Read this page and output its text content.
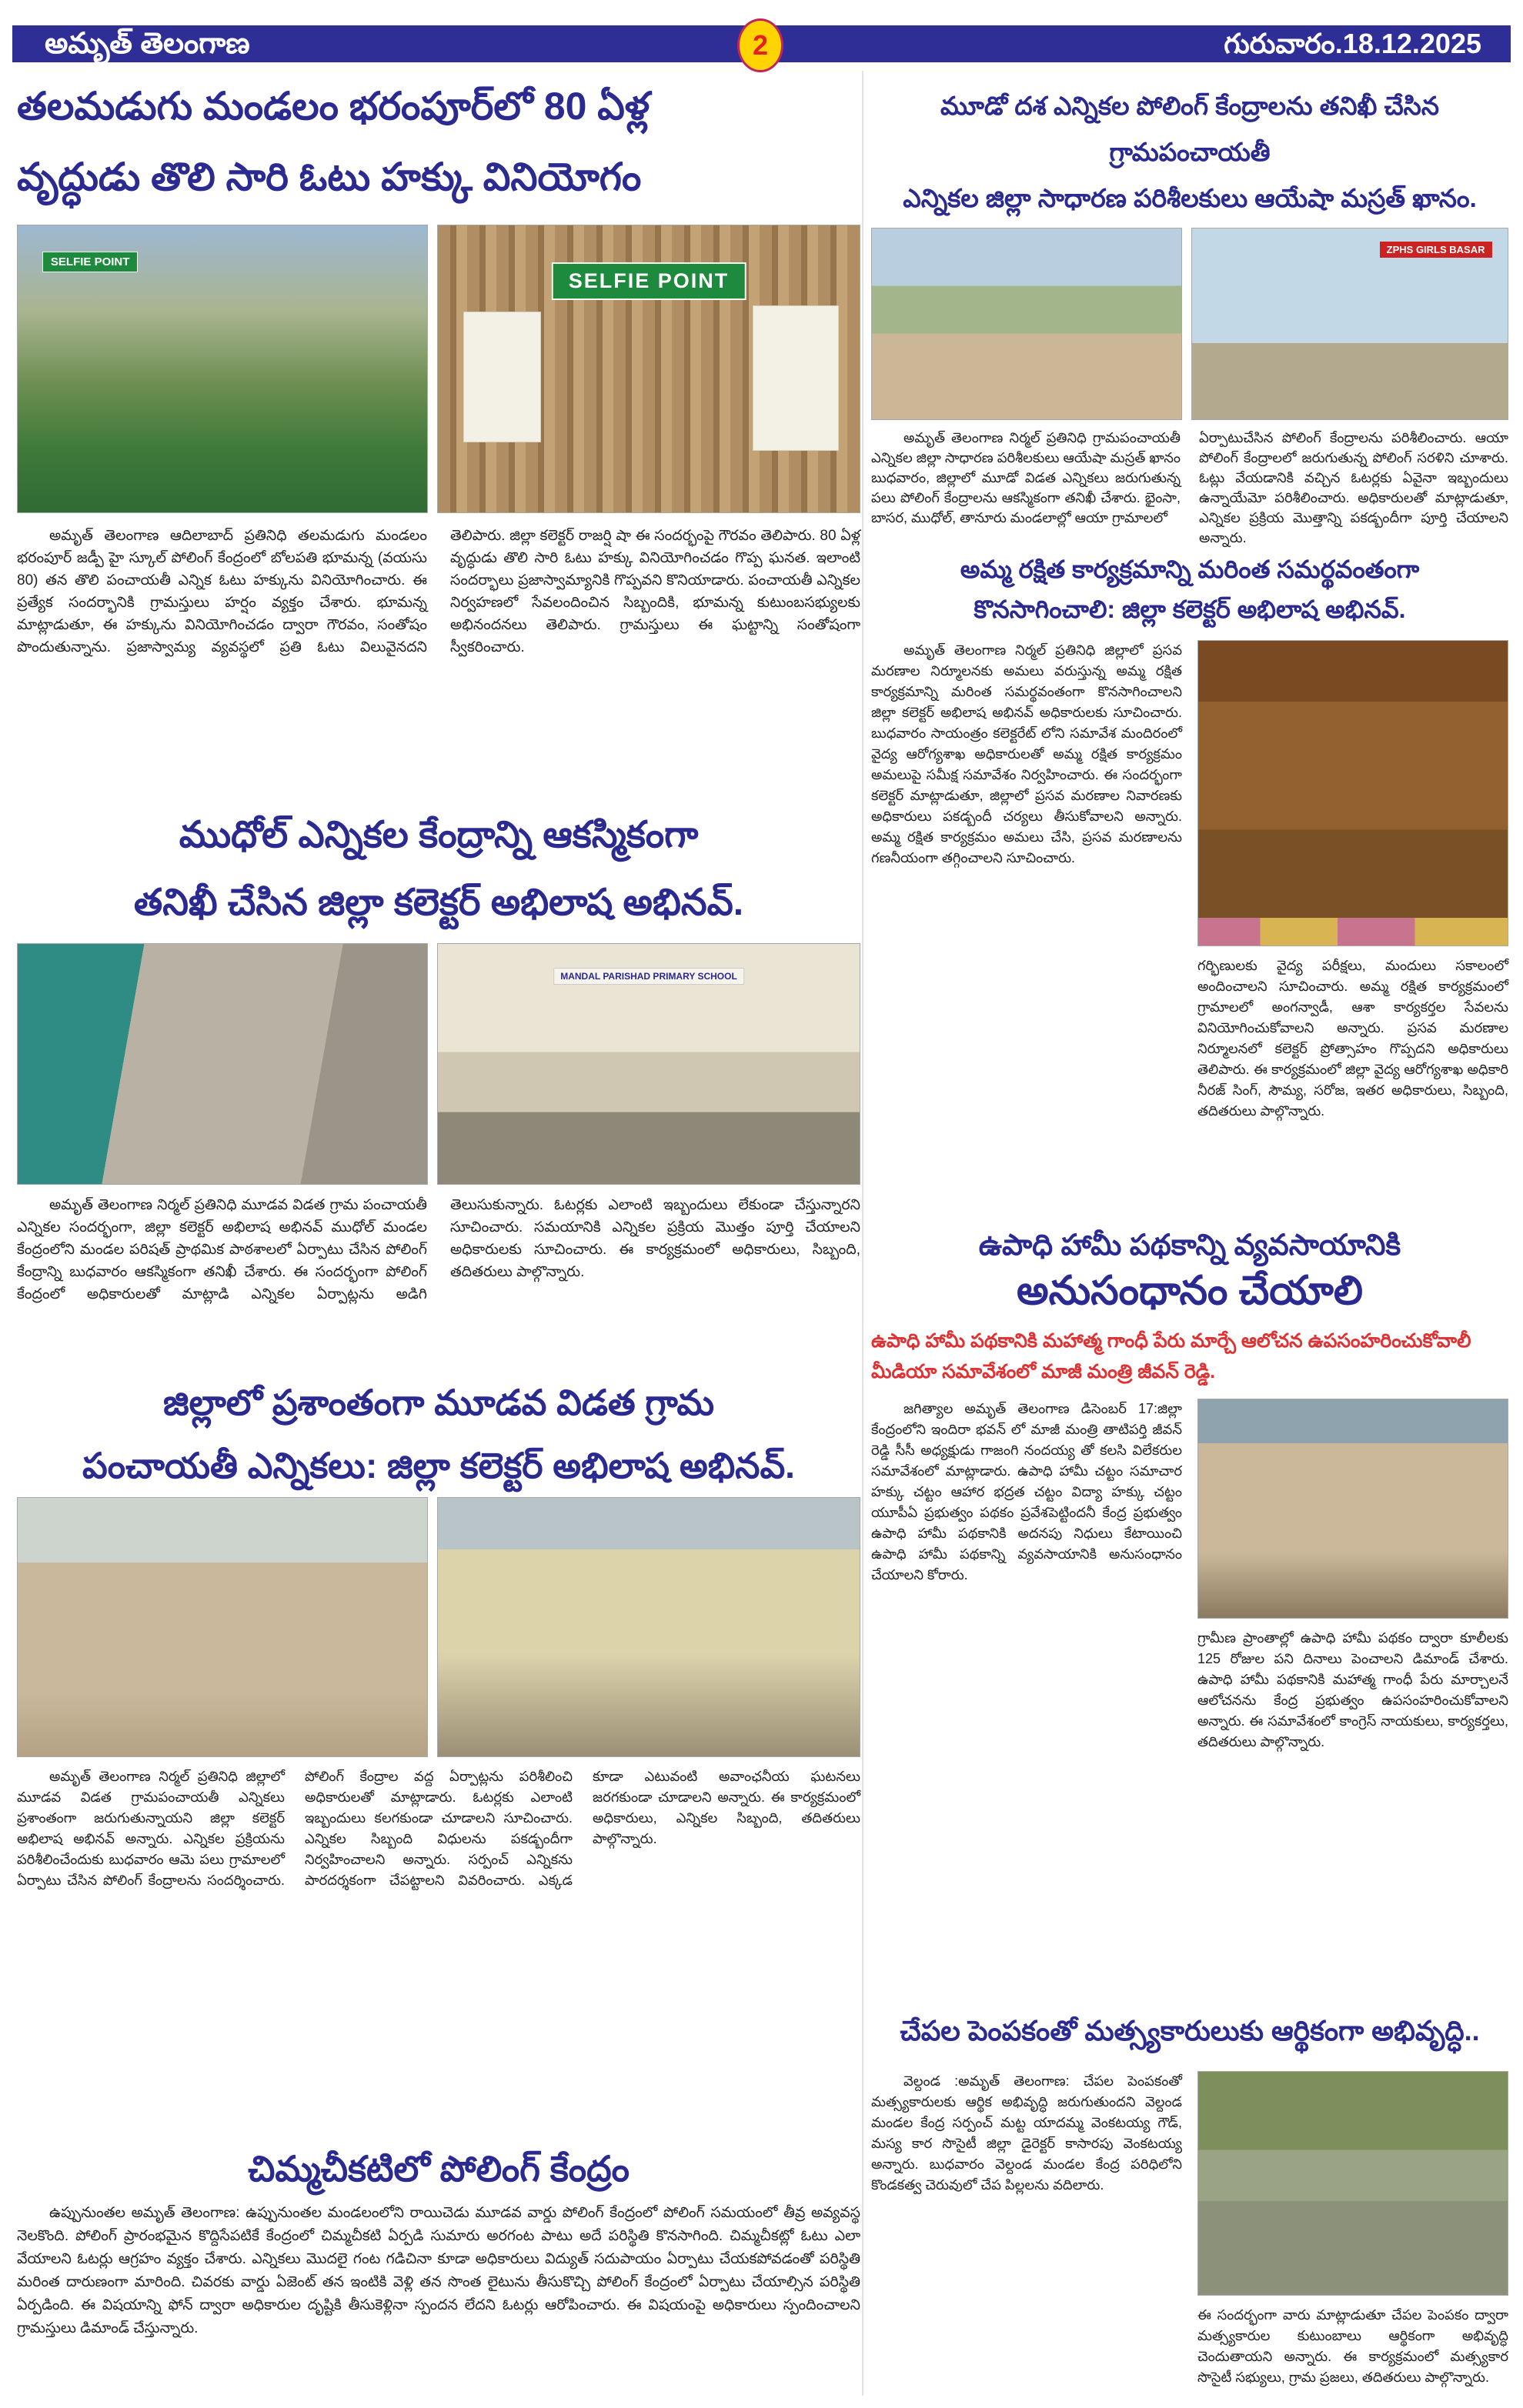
అమృత్ తెలంగాణ	2	గురువారం.18.12.2025
తలమడుగు మండలం భరంపూర్‌లో 80 ఏళ్ల
వృద్ధుడు తొలి సారి ఓటు హక్కు వినియోగం
SELFIE POINT
SELFIE POINT
అమృత్ తెలంగాణ ఆదిలాబాద్ ప్రతినిధి తలమడుగు మండలం భరంపూర్ జడ్పీ హై స్కూల్ పోలింగ్ కేంద్రంలో బోలపతి భూమన్న (వయసు 80) తన తొలి పంచాయతీ ఎన్నిక ఓటు హక్కును వినియోగించారు. ఈ ప్రత్యేక సందర్భానికి గ్రామస్తులు హర్షం వ్యక్తం చేశారు. భూమన్న మాట్లాడుతూ, ఈ హక్కును వినియోగించడం ద్వారా గౌరవం, సంతోషం పొందుతున్నాను. ప్రజాస్వామ్య వ్యవస్థలో ప్రతి ఓటు విలువైనదని తెలిపారు. జిల్లా కలెక్టర్ రాజర్షి షా ఈ సందర్భంపై గౌరవం తెలిపారు. 80 ఏళ్ల వృద్ధుడు తొలి సారి ఓటు హక్కు వినియోగించడం గొప్ప ఘనత. ఇలాంటి సందర్భాలు ప్రజాస్వామ్యానికి గొప్పవని కొనియాడారు. పంచాయతీ ఎన్నికల నిర్వహణలో సేవలందించిన సిబ్బందికి, భూమన్న కుటుంబసభ్యులకు అభినందనలు తెలిపారు. గ్రామస్తులు ఈ ఘట్టాన్ని సంతోషంగా స్వీకరించారు.
ముధోల్ ఎన్నికల కేంద్రాన్ని ఆకస్మికంగా
తనిఖీ చేసిన జిల్లా కలెక్టర్ అభిలాష అభినవ్.
MANDAL PARISHAD PRIMARY SCHOOL
అమృత్ తెలంగాణ నిర్మల్ ప్రతినిధి మూడవ విడత గ్రామ పంచాయతీ ఎన్నికల సందర్భంగా, జిల్లా కలెక్టర్ అభిలాష అభినవ్ ముధోల్ మండల కేంద్రంలోని మండల పరిషత్ ప్రాథమిక పాఠశాలలో ఏర్పాటు చేసిన పోలింగ్ కేంద్రాన్ని బుధవారం ఆకస్మికంగా తనిఖీ చేశారు. ఈ సందర్భంగా పోలింగ్ కేంద్రంలో అధికారులతో మాట్లాడి ఎన్నికల ఏర్పాట్లను అడిగి తెలుసుకున్నారు. ఓటర్లకు ఎలాంటి ఇబ్బందులు లేకుండా చేస్తున్నారని సూచించారు. సమయానికి ఎన్నికల ప్రక్రియ మొత్తం పూర్తి చేయాలని అధికారులకు సూచించారు. ఈ కార్యక్రమంలో అధికారులు, సిబ్బంది, తదితరులు పాల్గొన్నారు.
జిల్లాలో ప్రశాంతంగా మూడవ విడత గ్రామ
పంచాయతీ ఎన్నికలు: జిల్లా కలెక్టర్ అభిలాష అభినవ్.
అమృత్ తెలంగాణ నిర్మల్ ప్రతినిధి జిల్లాలో మూడవ విడత గ్రామపంచాయతీ ఎన్నికలు ప్రశాంతంగా జరుగుతున్నాయని జిల్లా కలెక్టర్ అభిలాష అభినవ్ అన్నారు. ఎన్నికల ప్రక్రియను పరిశీలించేందుకు బుధవారం ఆమె పలు గ్రామాలలో ఏర్పాటు చేసిన పోలింగ్ కేంద్రాలను సందర్శించారు. పోలింగ్ కేంద్రాల వద్ద ఏర్పాట్లను పరిశీలించి అధికారులతో మాట్లాడారు. ఓటర్లకు ఎలాంటి ఇబ్బందులు కలగకుండా చూడాలని సూచించారు. ఎన్నికల సిబ్బంది విధులను పకడ్బందీగా నిర్వహించాలని అన్నారు. సర్పంచ్ ఎన్నికను పారదర్శకంగా చేపట్టాలని వివరించారు. ఎక్కడ కూడా ఎటువంటి అవాంఛనీయ ఘటనలు జరగకుండా చూడాలని అన్నారు. ఈ కార్యక్రమంలో అధికారులు, ఎన్నికల సిబ్బంది, తదితరులు పాల్గొన్నారు.
చిమ్మచీకటిలో పోలింగ్ కేంద్రం
ఉప్పునుంతల అమృత్ తెలంగాణ: ఉప్పునుంతల మండలంలోని రాయిచెడు మూడవ వార్డు పోలింగ్ కేంద్రంలో పోలింగ్ సమయంలో తీవ్ర అవ్యవస్థ నెలకొంది. పోలింగ్ ప్రారంభమైన కొద్దిసేపటికే కేంద్రంలో చిమ్మచీకటి ఏర్పడి సుమారు అరగంట పాటు అదే పరిస్థితి కొనసాగింది. చిమ్మచీకట్లో ఓటు ఎలా వేయాలని ఓటర్లు ఆగ్రహం వ్యక్తం చేశారు. ఎన్నికలు మొదలై గంట గడిచినా కూడా అధికారులు విద్యుత్ సదుపాయం ఏర్పాటు చేయకపోవడంతో పరిస్థితి మరింత దారుణంగా మారింది. చివరకు వార్డు ఏజెంట్ తన ఇంటికి వెళ్లి తన సొంత లైటును తీసుకొచ్చి పోలింగ్ కేంద్రంలో ఏర్పాటు చేయాల్సిన పరిస్థితి ఏర్పడింది. ఈ విషయాన్ని ఫోన్ ద్వారా అధికారుల దృష్టికి తీసుకెళ్లినా స్పందన లేదని ఓటర్లు ఆరోపించారు. ఈ విషయంపై అధికారులు స్పందించాలని గ్రామస్తులు డిమాండ్ చేస్తున్నారు.
మూడో దశ ఎన్నికల పోలింగ్ కేంద్రాలను తనిఖీ చేసిన గ్రామపంచాయతీ
ఎన్నికల జిల్లా సాధారణ పరిశీలకులు ఆయేషా మస్రత్ ఖానం.
ZPHS GIRLS BASAR
అమృత్ తెలంగాణ నిర్మల్ ప్రతినిధి గ్రామపంచాయతీ ఎన్నికల జిల్లా సాధారణ పరిశీలకులు ఆయేషా మస్రత్ ఖానం బుధవారం, జిల్లాలో మూడో విడత ఎన్నికలు జరుగుతున్న పలు పోలింగ్ కేంద్రాలను ఆకస్మికంగా తనిఖీ చేశారు. భైంసా, బాసర, ముధోల్, తానూరు మండలాల్లో ఆయా గ్రామాలలో
ఏర్పాటుచేసిన పోలింగ్ కేంద్రాలను పరిశీలించారు. ఆయా పోలింగ్ కేంద్రాలలో జరుగుతున్న పోలింగ్ సరళిని చూశారు. ఓట్లు వేయడానికి వచ్చిన ఓటర్లకు ఏవైనా ఇబ్బందులు ఉన్నాయేమో పరిశీలించారు. అధికారులతో మాట్లాడుతూ, ఎన్నికల ప్రక్రియ మొత్తాన్ని పకడ్బందీగా పూర్తి చేయాలని అన్నారు.
అమ్మ రక్షిత కార్యక్రమాన్ని మరింత సమర్థవంతంగా
కొనసాగించాలి: జిల్లా కలెక్టర్ అభిలాష అభినవ్.
అమృత్ తెలంగాణ నిర్మల్ ప్రతినిధి జిల్లాలో ప్రసవ మరణాల నిర్మూలనకు అమలు వరుస్తున్న అమ్మ రక్షిత కార్యక్రమాన్ని మరింత సమర్థవంతంగా కొనసాగించాలని జిల్లా కలెక్టర్ అభిలాష అభినవ్ అధికారులకు సూచించారు. బుధవారం సాయంత్రం కలెక్టరేట్ లోని సమావేశ మందిరంలో వైద్య ఆరోగ్యశాఖ అధికారులతో అమ్మ రక్షిత కార్యక్రమం అమలుపై సమీక్ష సమావేశం నిర్వహించారు. ఈ సందర్భంగా కలెక్టర్ మాట్లాడుతూ, జిల్లాలో ప్రసవ మరణాల నివారణకు అధికారులు పకడ్బందీ చర్యలు తీసుకోవాలని అన్నారు. అమ్మ రక్షిత కార్యక్రమం అమలు చేసి, ప్రసవ మరణాలను గణనీయంగా తగ్గించాలని సూచించారు.
గర్భిణులకు వైద్య పరీక్షలు, మందులు సకాలంలో అందించాలని సూచించారు. అమ్మ రక్షిత కార్యక్రమంలో గ్రామాలలో అంగన్వాడీ, ఆశా కార్యకర్తల సేవలను వినియోగించుకోవాలని అన్నారు. ప్రసవ మరణాల నిర్మూలనలో కలెక్టర్ ప్రోత్సాహం గొప్పదని అధికారులు తెలిపారు. ఈ కార్యక్రమంలో జిల్లా వైద్య ఆరోగ్యశాఖ అధికారి నీరజ్ సింగ్, సౌమ్య, సరోజ, ఇతర అధికారులు, సిబ్బంది, తదితరులు పాల్గొన్నారు.
ఉపాధి హామీ పథకాన్ని వ్యవసాయానికి
అనుసంధానం చేయాలి
ఉపాధి హామీ పథకానికి మహాత్మ గాంధీ పేరు మార్చే ఆలోచన ఉపసంహరించుకోవాలీ
మీడియా సమావేశంలో మాజీ మంత్రి జీవన్ రెడ్డి.
జగిత్యాల అమృత్ తెలంగాణ డిసెంబర్ 17:జిల్లా కేంద్రంలోని ఇందిరా భవన్ లో మాజీ మంత్రి తాటిపర్తి జీవన్ రెడ్డి సీసీ అధ్యక్షుడు గాజంగి నందయ్య తో కలసి విలేకరుల సమావేశంలో మాట్లాడారు. ఉపాధి హామీ చట్టం సమాచార హక్కు చట్టం ఆహార భద్రత చట్టం విద్యా హక్కు చట్టం యూపీఏ ప్రభుత్వం పథకం ప్రవేశపెట్టిందనీ కేంద్ర ప్రభుత్వం ఉపాధి హామీ పథకానికి అదనపు నిధులు కేటాయించి ఉపాధి హామీ పథకాన్ని వ్యవసాయానికి అనుసంధానం చేయాలని కోరారు.
గ్రామీణ ప్రాంతాల్లో ఉపాధి హామీ పథకం ద్వారా కూలీలకు 125 రోజుల పని దినాలు పెంచాలని డిమాండ్ చేశారు. ఉపాధి హామీ పథకానికి మహాత్మ గాంధీ పేరు మార్చాలనే ఆలోచనను కేంద్ర ప్రభుత్వం ఉపసంహరించుకోవాలని అన్నారు. ఈ సమావేశంలో కాంగ్రెస్ నాయకులు, కార్యకర్తలు, తదితరులు పాల్గొన్నారు.
చేపల పెంపకంతో మత్స్యకారులుకు ఆర్థికంగా అభివృద్ధి..
వెల్దండ :అమృత్ తెలంగాణ: చేపల పెంపకంతో మత్స్యకారులకు ఆర్థిక అభివృద్ధి జరుగుతుందని వెల్దండ మండల కేంద్ర సర్పంచ్ మట్ట యాదమ్మ వెంకటయ్య గౌడ్, మస్య కార సొసైటీ జిల్లా డైరెక్టర్ కాసారపు వెంకటయ్య అన్నారు. బుధవారం వెల్దండ మండల కేంద్ర పరిధిలోని కొండకత్వ చెరువులో చేప పిల్లలను వదిలారు.
ఈ సందర్భంగా వారు మాట్లాడుతూ చేపల పెంపకం ద్వారా మత్స్యకారుల కుటుంబాలు ఆర్థికంగా అభివృద్ధి చెందుతాయని అన్నారు. ఈ కార్యక్రమంలో మత్స్యకార సొసైటీ సభ్యులు, గ్రామ ప్రజలు, తదితరులు పాల్గొన్నారు.
